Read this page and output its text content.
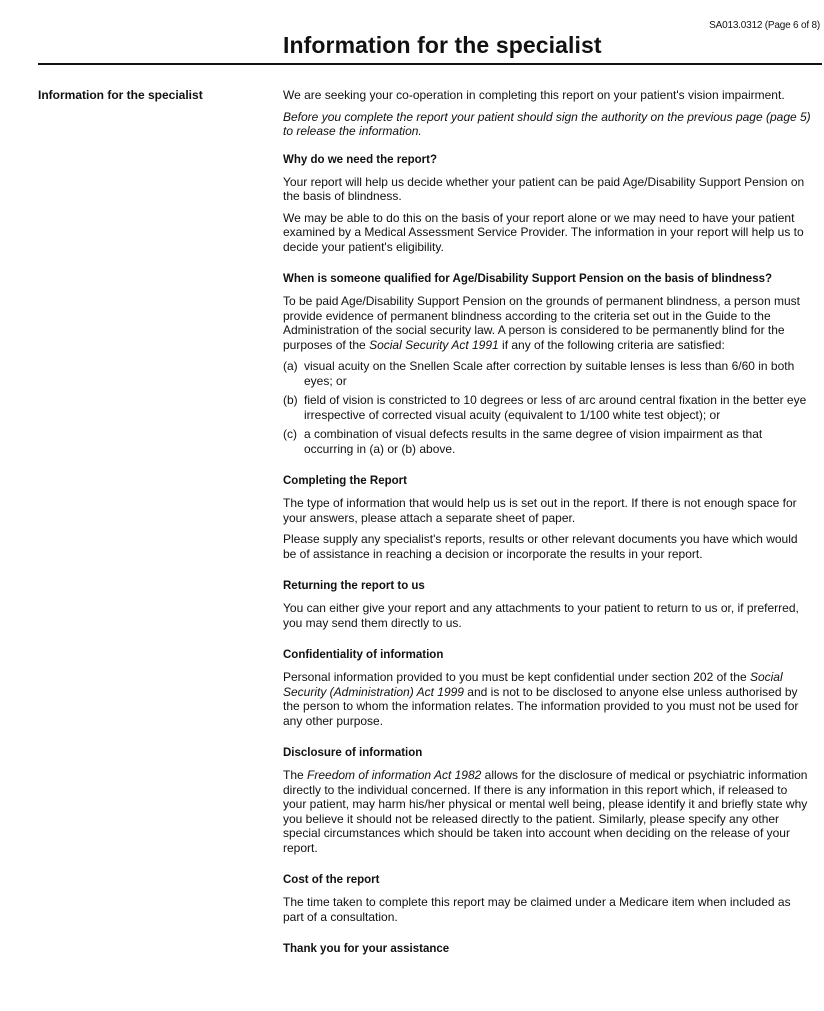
SA013.0312 (Page 6 of 8)
Information for the specialist
Information for the specialist	We are seeking your co-operation in completing this report on your patient's vision impairment.

Before you complete the report your patient should sign the authority on the previous page (page 5) to release the information.

Why do we need the report?

Your report will help us decide whether your patient can be paid Age/Disability Support Pension on the basis of blindness.

We may be able to do this on the basis of your report alone or we may need to have your patient examined by a Medical Assessment Service Provider. The information in your report will help us to decide your patient's eligibility.

When is someone qualified for Age/Disability Support Pension on the basis of blindness?

To be paid Age/Disability Support Pension on the grounds of permanent blindness, a person must provide evidence of permanent blindness according to the criteria set out in the Guide to the Administration of the social security law. A person is considered to be permanently blind for the purposes of the Social Security Act 1991 if any of the following criteria are satisfied:

(a) visual acuity on the Snellen Scale after correction by suitable lenses is less than 6/60 in both eyes; or
(b) field of vision is constricted to 10 degrees or less of arc around central fixation in the better eye irrespective of corrected visual acuity (equivalent to 1/100 white test object); or
(c) a combination of visual defects results in the same degree of vision impairment as that occurring in (a) or (b) above.
Completing the Report

The type of information that would help us is set out in the report. If there is not enough space for your answers, please attach a separate sheet of paper.

Please supply any specialist's reports, results or other relevant documents you have which would be of assistance in reaching a decision or incorporate the results in your report.

Returning the report to us

You can either give your report and any attachments to your patient to return to us or, if preferred, you may send them directly to us.

Confidentiality of information

Personal information provided to you must be kept confidential under section 202 of the Social Security (Administration) Act 1999 and is not to be disclosed to anyone else unless authorised by the person to whom the information relates. The information provided to you must not be used for any other purpose.

Disclosure of information

The Freedom of information Act 1982 allows for the disclosure of medical or psychiatric information directly to the individual concerned. If there is any information in this report which, if released to your patient, may harm his/her physical or mental well being, please identify it and briefly state why you believe it should not be released directly to the patient. Similarly, please specify any other special circumstances which should be taken into account when deciding on the release of your report.

Cost of the report

The time taken to complete this report may be claimed under a Medicare item when included as part of a consultation.

Thank you for your assistance
